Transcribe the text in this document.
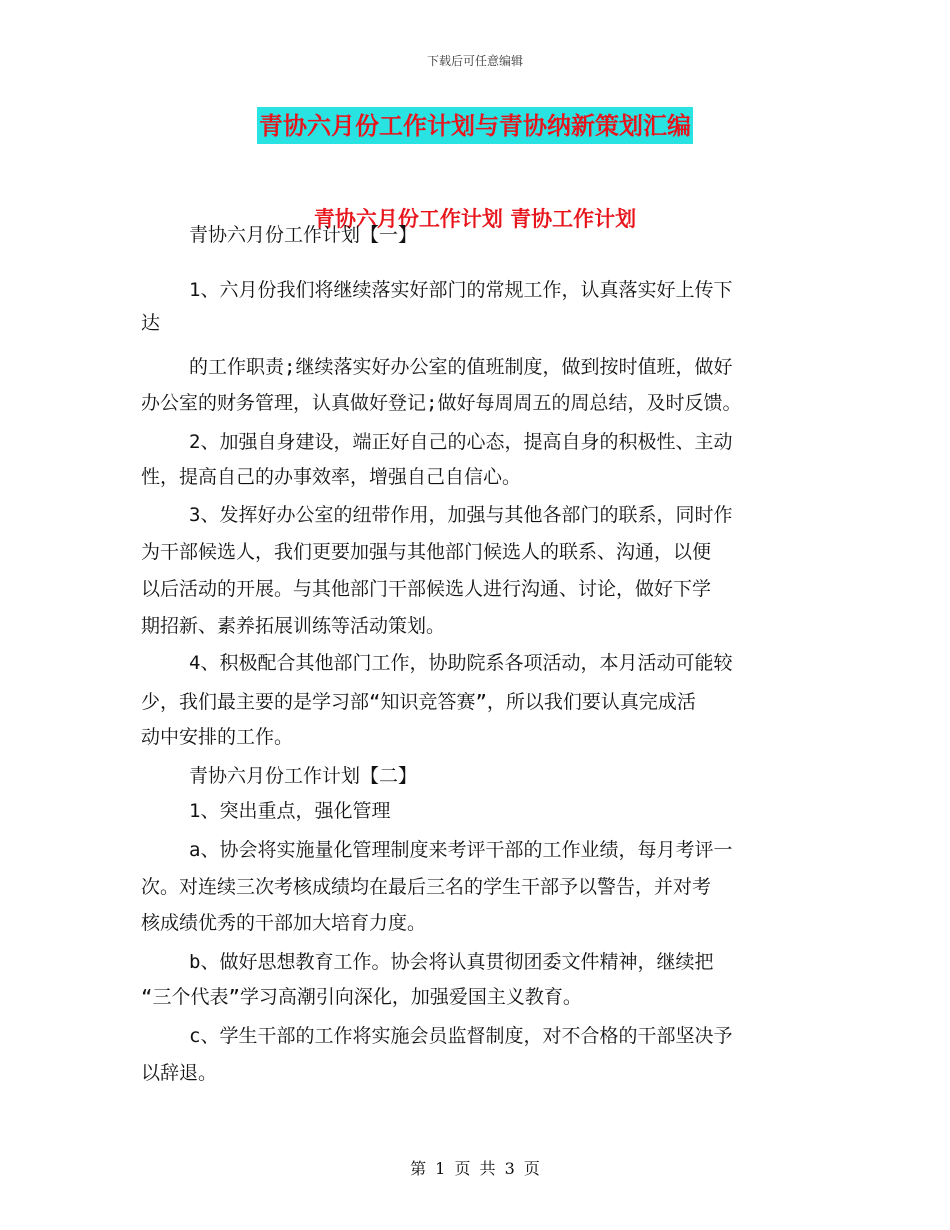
下载后可任意编辑
青协六月份工作计划与青协纳新策划汇编
青协六月份工作计划 青协工作计划
青协六月份工作计划【一】
1、六月份我们将继续落实好部门的常规工作，认真落实好上传下
达
的工作职责;继续落实好办公室的值班制度，做到按时值班，做好
办公室的财务管理，认真做好登记;做好每周周五的周总结，及时反馈。
2、加强自身建设，端正好自己的心态，提高自身的积极性、主动
性，提高自己的办事效率，增强自己自信心。
3、发挥好办公室的纽带作用，加强与其他各部门的联系，同时作
为干部候选人，我们更要加强与其他部门候选人的联系、沟通，以便
以后活动的开展。与其他部门干部候选人进行沟通、讨论，做好下学
期招新、素养拓展训练等活动策划。
4、积极配合其他部门工作，协助院系各项活动，本月活动可能较
少，我们最主要的是学习部“知识竞答赛”，所以我们要认真完成活
动中安排的工作。
青协六月份工作计划【二】
1、突出重点，强化管理
a、协会将实施量化管理制度来考评干部的工作业绩，每月考评一
次。对连续三次考核成绩均在最后三名的学生干部予以警告，并对考
核成绩优秀的干部加大培育力度。
b、做好思想教育工作。协会将认真贯彻团委文件精神，继续把
“三个代表”学习高潮引向深化，加强爱国主义教育。
c、学生干部的工作将实施会员监督制度，对不合格的干部坚决予
以辞退。
第 1 页 共 3 页
